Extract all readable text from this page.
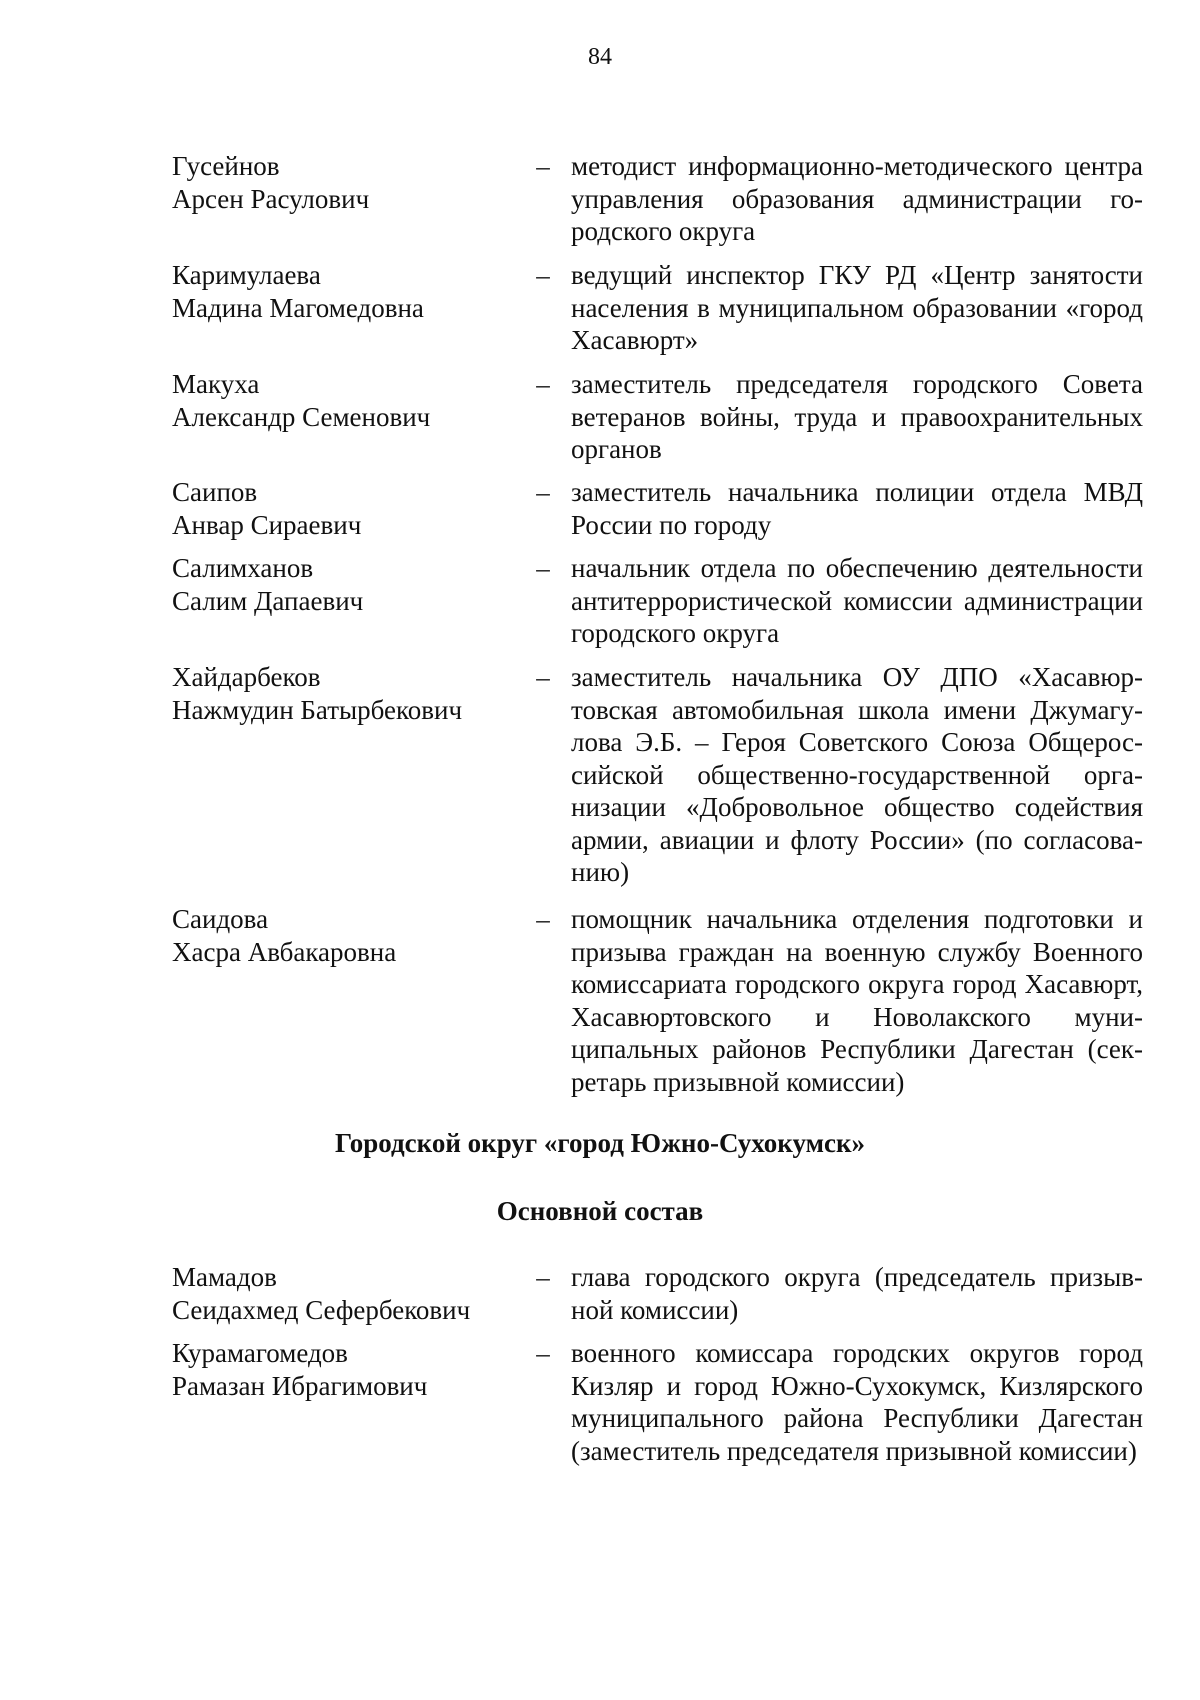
84
Гусейнов
Арсен Расулович
– методист информационно-методического центра управления образования администрации городского округа
Каримулаева
Мадина Магомедовна
– ведущий инспектор ГКУ РД «Центр занятости населения в муниципальном образовании «город Хасавюрт»
Макуха
Александр Семенович
– заместитель председателя городского Совета ветеранов войны, труда и правоохранительных органов
Саипов
Анвар Сираевич
– заместитель начальника полиции отдела МВД России по городу
Салимханов
Салим Дапаевич
– начальник отдела по обеспечению деятельности антитеррористической комиссии администрации городского округа
Хайдарбеков
Нажмудин Батырбекович
– заместитель начальника ОУ ДПО «Хасавюртовская автомобильная школа имени Джумагулова Э.Б. – Героя Советского Союза Общероссийской общественно-государственной организации «Добровольное общество содействия армии, авиации и флоту России» (по согласованию)
Саидова
Хасра Авбакаровна
– помощник начальника отделения подготовки и призыва граждан на военную службу Военного комиссариата городского округа город Хасавюрт, Хасавюртовского и Новолакского муниципальных районов Республики Дагестан (секретарь призывной комиссии)
Городской округ «город Южно-Сухокумск»
Основной состав
Мамадов
Сеидахмед Сефербекович
– глава городского округа (председатель призывной комиссии)
Курамагомедов
Рамазан Ибрагимович
– военного комиссара городских округов город Кизляр и город Южно-Сухокумск, Кизлярского муниципального района Республики Дагестан (заместитель председателя призывной комиссии)
